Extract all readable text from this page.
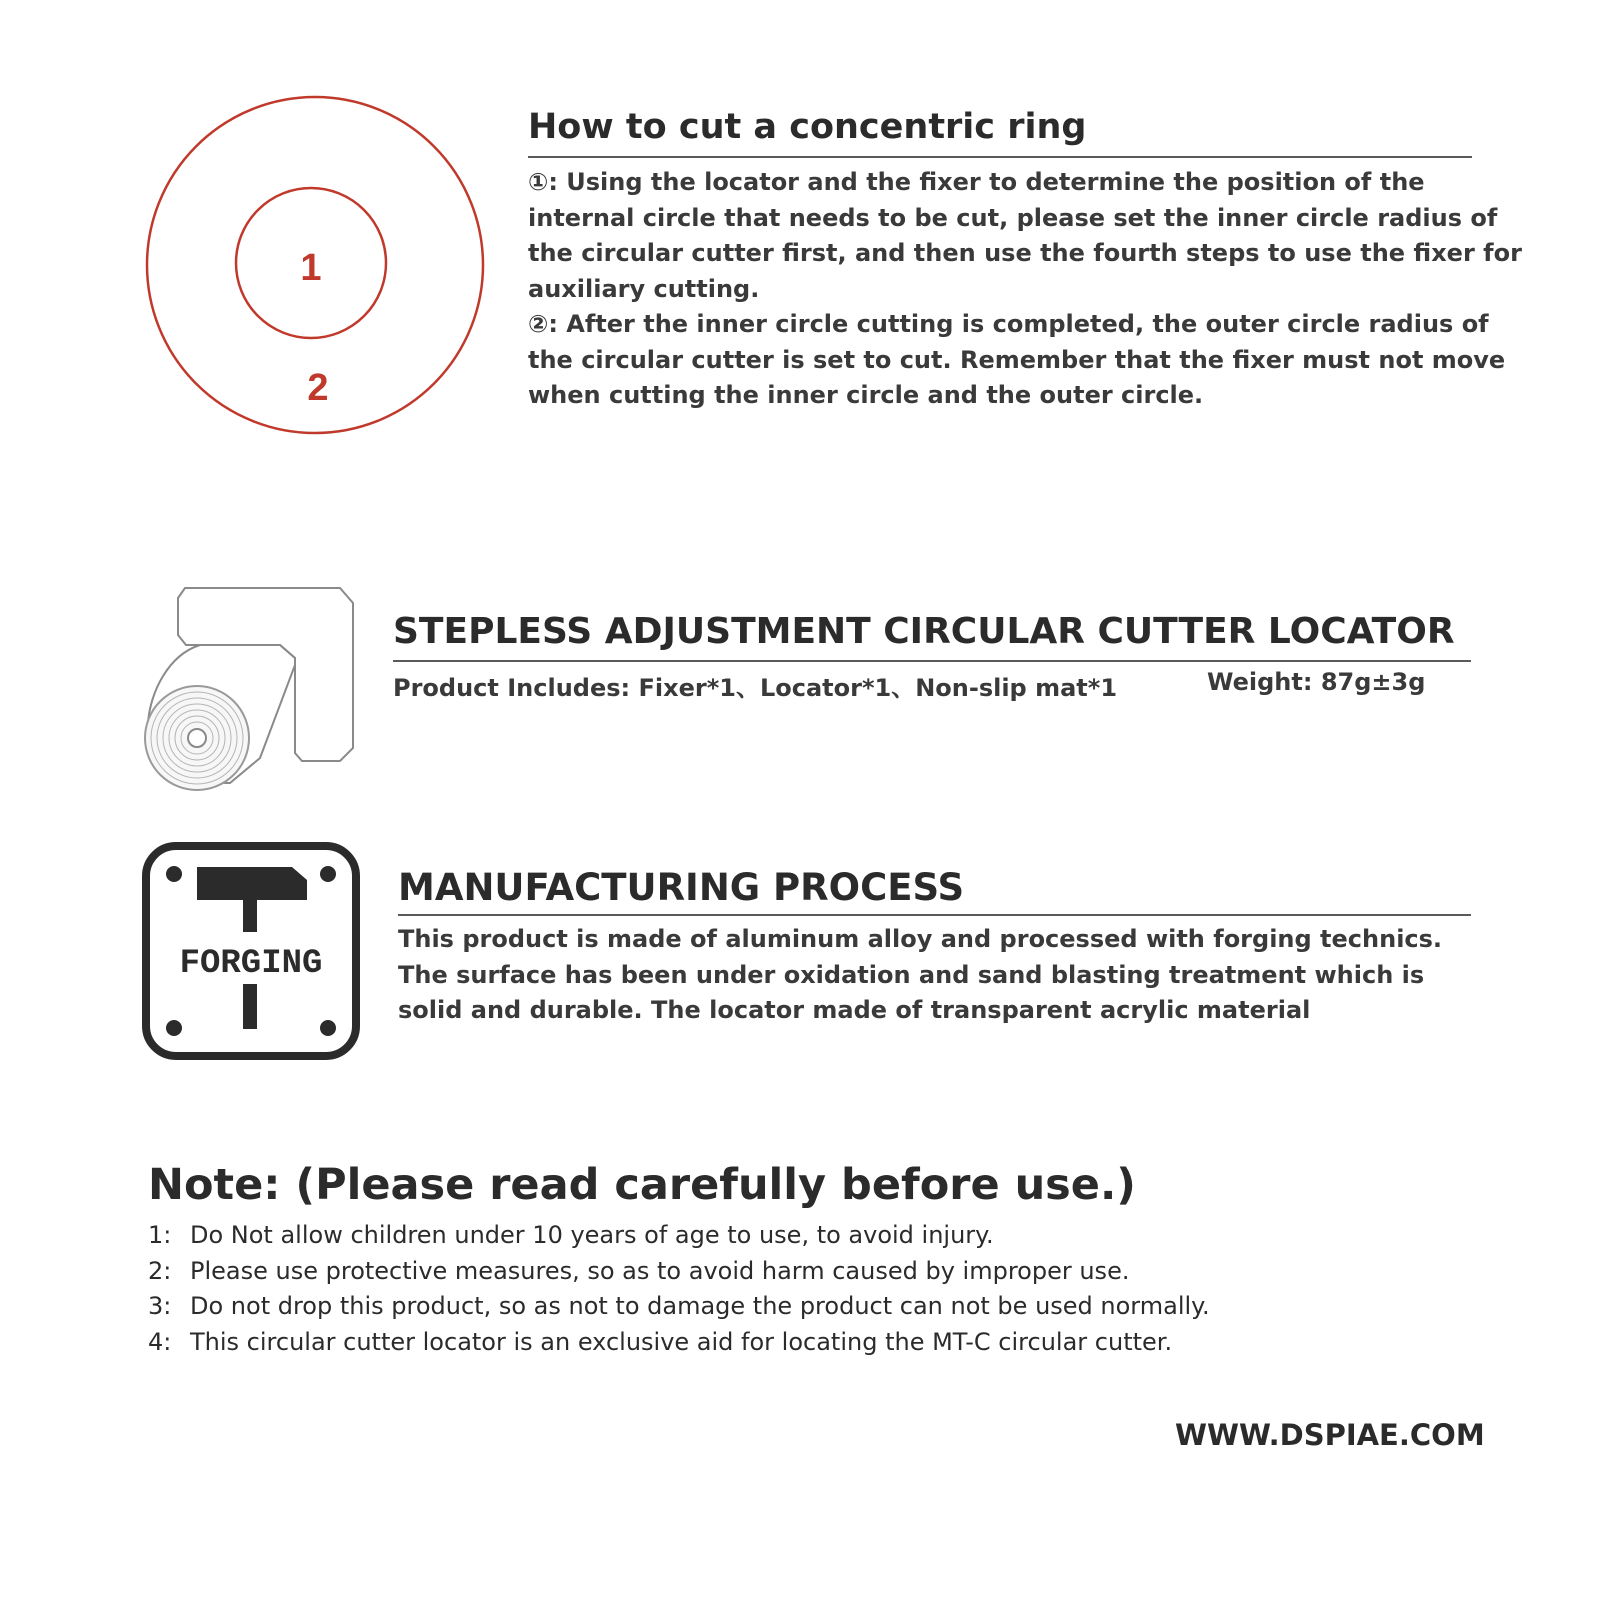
1
2
How to cut a concentric ring
①: Using the locator and the fixer to determine the position of the
internal circle that needs to be cut, please set the inner circle radius of
the circular cutter first, and then use the fourth steps to use the fixer for
auxiliary cutting.
②: After the inner circle cutting is completed, the outer circle radius of
the circular cutter is set to cut. Remember that the fixer must not move
when cutting the inner circle and the outer circle.
STEPLESS ADJUSTMENT CIRCULAR CUTTER LOCATOR
Product Includes: Fixer*1、Locator*1、Non-slip mat*1	Weight: 87g±3g
FORGING
MANUFACTURING PROCESS
This product is made of aluminum alloy and processed with forging technics.
The surface has been under oxidation and sand blasting treatment which is
solid and durable. The locator made of transparent acrylic material
Note: (Please read carefully before use.)
1: Do Not allow children under 10 years of age to use, to avoid injury.
2: Please use protective measures, so as to avoid harm caused by improper use.
3: Do not drop this product, so as not to damage the product can not be used normally.
4: This circular cutter locator is an exclusive aid for locating the MT-C circular cutter.
WWW.DSPIAE.COM
